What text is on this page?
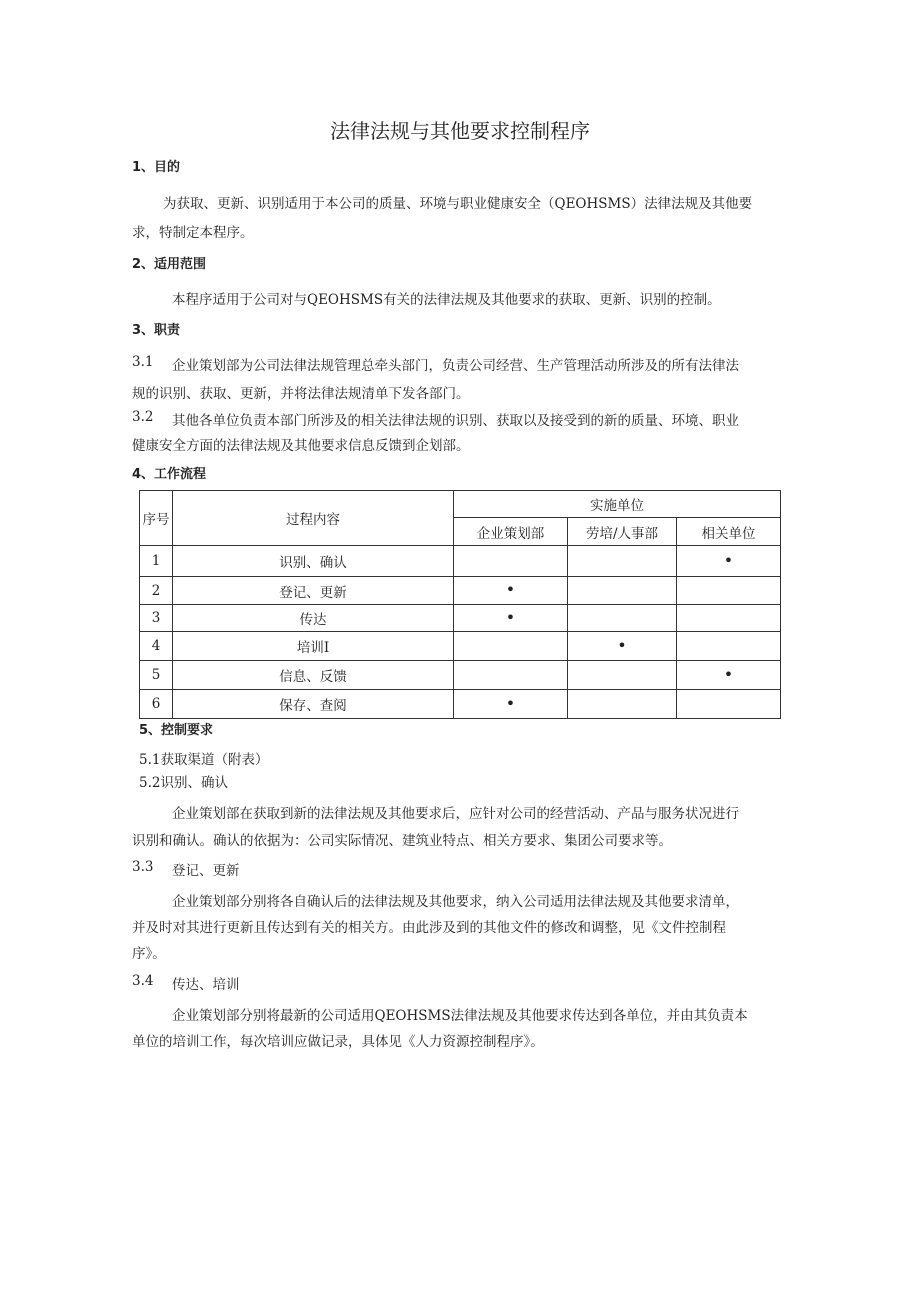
法律法规与其他要求控制程序
1、目的
为获取、更新、识别适用于本公司的质量、环境与职业健康安全（QEOHSMS）法律法规及其他要
求，特制定本程序。
2、适用范围
本程序适用于公司对与QEOHSMS有关的法律法规及其他要求的获取、更新、识别的控制。
3、职责
3.1 企业策划部为公司法律法规管理总牵头部门，负责公司经营、生产管理活动所涉及的所有法律法
规的识别、获取、更新，并将法律法规清单下发各部门。
3.2 其他各单位负责本部门所涉及的相关法律法规的识别、获取以及接受到的新的质量、环境、职业
健康安全方面的法律法规及其他要求信息反馈到企划部。
4、工作流程
序号	过程内容	实施单位		
		企业策划部	劳培/人事部	相关单位
1	识别、确认			•
2	登记、更新	•		
3	传达	•		
4	培训I		•	
5	信息、反馈			•
6	保存、查阅	•		
5、控制要求
5.1获取渠道（附表）
5.2识别、确认
企业策划部在获取到新的法律法规及其他要求后，应针对公司的经营活动、产品与服务状况进行
识别和确认。确认的依据为：公司实际情况、建筑业特点、相关方要求、集团公司要求等。
3.3 登记、更新
企业策划部分别将各自确认后的法律法规及其他要求，纳入公司适用法律法规及其他要求清单，
并及时对其进行更新且传达到有关的相关方。由此涉及到的其他文件的修改和调整，见《文件控制程
序》。
3.4 传达、培训
企业策划部分别将最新的公司适用QEOHSMS法律法规及其他要求传达到各单位，并由其负责本
单位的培训工作，每次培训应做记录，具体见《人力资源控制程序》。
